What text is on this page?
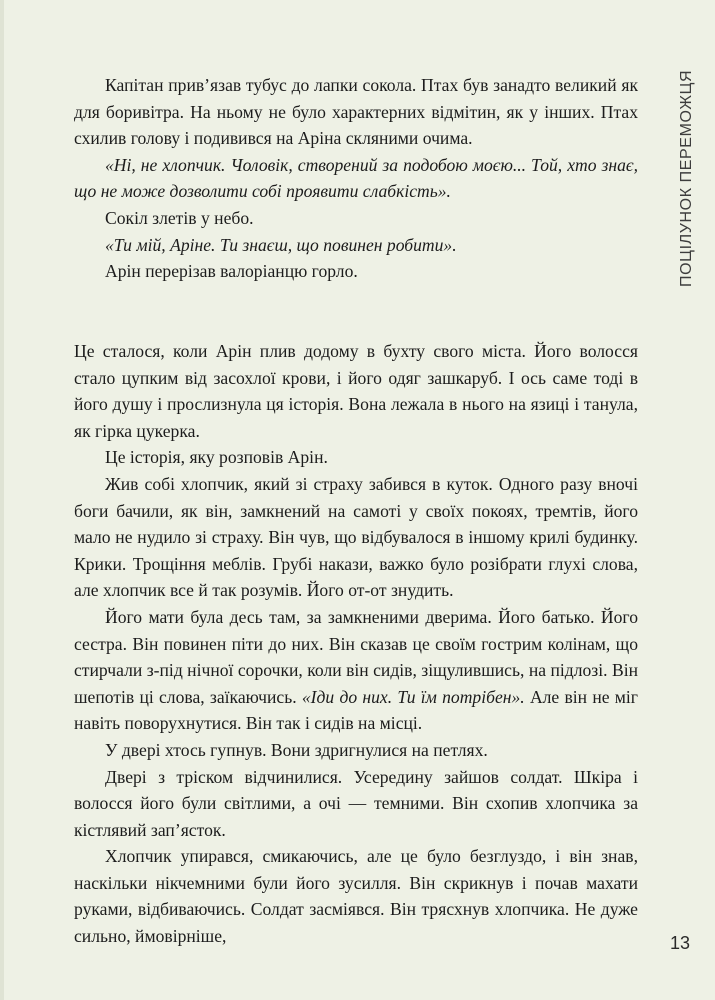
ПОЦІЛУНОК ПЕРЕМОЖЦЯ

Капітан прив’язав тубус до лапки сокола. Птах був занадто великий як для боривітра. На ньому не було характерних відмітин, як у інших. Птах схилив голову і подивився на Аріна скляними очима.

«Ні, не хлопчик. Чоловік, створений за подобою моєю... Той, хто знає, що не може дозволити собі проявити слабкість».

Сокіл злетів у небо.

«Ти мій, Аріне. Ти знаєш, що повинен робити».

Арін перерізав валоріанцю горло.

Це сталося, коли Арін плив додому в бухту свого міста. Його волосся стало цупким від засохлої крови, і його одяг зашкаруб. І ось саме тоді в його душу і прослизнула ця історія. Вона лежала в нього на язиці і танула, як гірка цукерка.

Це історія, яку розповів Арін.

Жив собі хлопчик, який зі страху забився в куток. Одного разу вночі боги бачили, як він, замкнений на самоті у своїх покоях, тремтів, його мало не нудило зі страху. Він чув, що відбувалося в іншому крилі будинку. Крики. Трощіння меблів. Грубі накази, важко було розібрати глухі слова, але хлопчик все й так розумів. Його от-от знудить.

Його мати була десь там, за замкненими дверима. Його батько. Його сестра. Він повинен піти до них. Він сказав це своїм гострим колінам, що стирчали з-під нічної сорочки, коли він сидів, зіщулившись, на підлозі. Він шепотів ці слова, заїкаючись. «Іди до них. Ти їм потрібен». Але він не міг навіть поворухнутися. Він так і сидів на місці.

У двері хтось гупнув. Вони здригнулися на петлях.

Двері з тріском відчинилися. Усередину зайшов солдат. Шкіра і волосся його були світлими, а очі — темними. Він схопив хлопчика за кістлявий зап’ясток.

Хлопчик упирався, смикаючись, але це було безглуздо, і він знав, наскільки нікчемними були його зусилля. Він скрикнув і почав махати руками, відбиваючись. Солдат засміявся. Він трясхнув хлопчика. Не дуже сильно, ймовірніше,	13
